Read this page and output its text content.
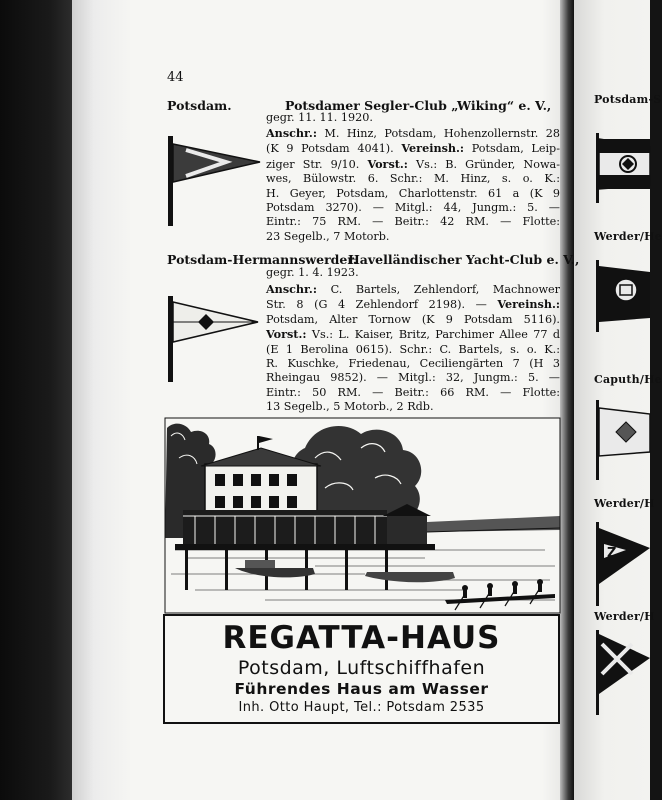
Potsdam-S
Werder/He
Caputh/He
Werder/H
Z
Werder/H
44
Potsdam.	Potsdamer Segler-Club „Wiking“ e. V.,
gegr. 11. 11. 1920.
Anschr.: M. Hinz, Potsdam, Hohenzollernstr. 28
(K 9 Potsdam 4041). Vereinsh.: Potsdam, Leip-
ziger Str. 9/10. Vorst.: Vs.: B. Gründer, Nowa-
wes, Bülowstr. 6. Schr.: M. Hinz, s. o. K.:
H. Geyer, Potsdam, Charlottenstr. 61 a (K 9
Potsdam 3270). — Mitgl.: 44, Jungm.: 5. —
Eintr.: 75 RM. — Beitr.: 42 RM. — Flotte:
23 Segelb., 7 Motorb.
Potsdam-Hermannswerder.
Havelländischer Yacht-Club e. V.,
gegr. 1. 4. 1923.
Anschr.: C. Bartels, Zehlendorf, Machnower
Str. 8 (G 4 Zehlendorf 2198). — Vereinsh.:
Potsdam, Alter Tornow (K 9 Potsdam 5116).
Vorst.: Vs.: L. Kaiser, Britz, Parchimer Allee 77 d
(E 1 Berolina 0615). Schr.: C. Bartels, s. o. K.:
R. Kuschke, Friedenau, Ceciliengärten 7 (H 3
Rheingau 9852). — Mitgl.: 32, Jungm.: 5. —
Eintr.: 50 RM. — Beitr.: 66 RM. — Flotte:
13 Segelb., 5 Motorb., 2 Rdb.
REGATTA-HAUS
Potsdam, Luftschiffhafen
Führendes Haus am Wasser
Inh. Otto Haupt, Tel.: Potsdam 2535
